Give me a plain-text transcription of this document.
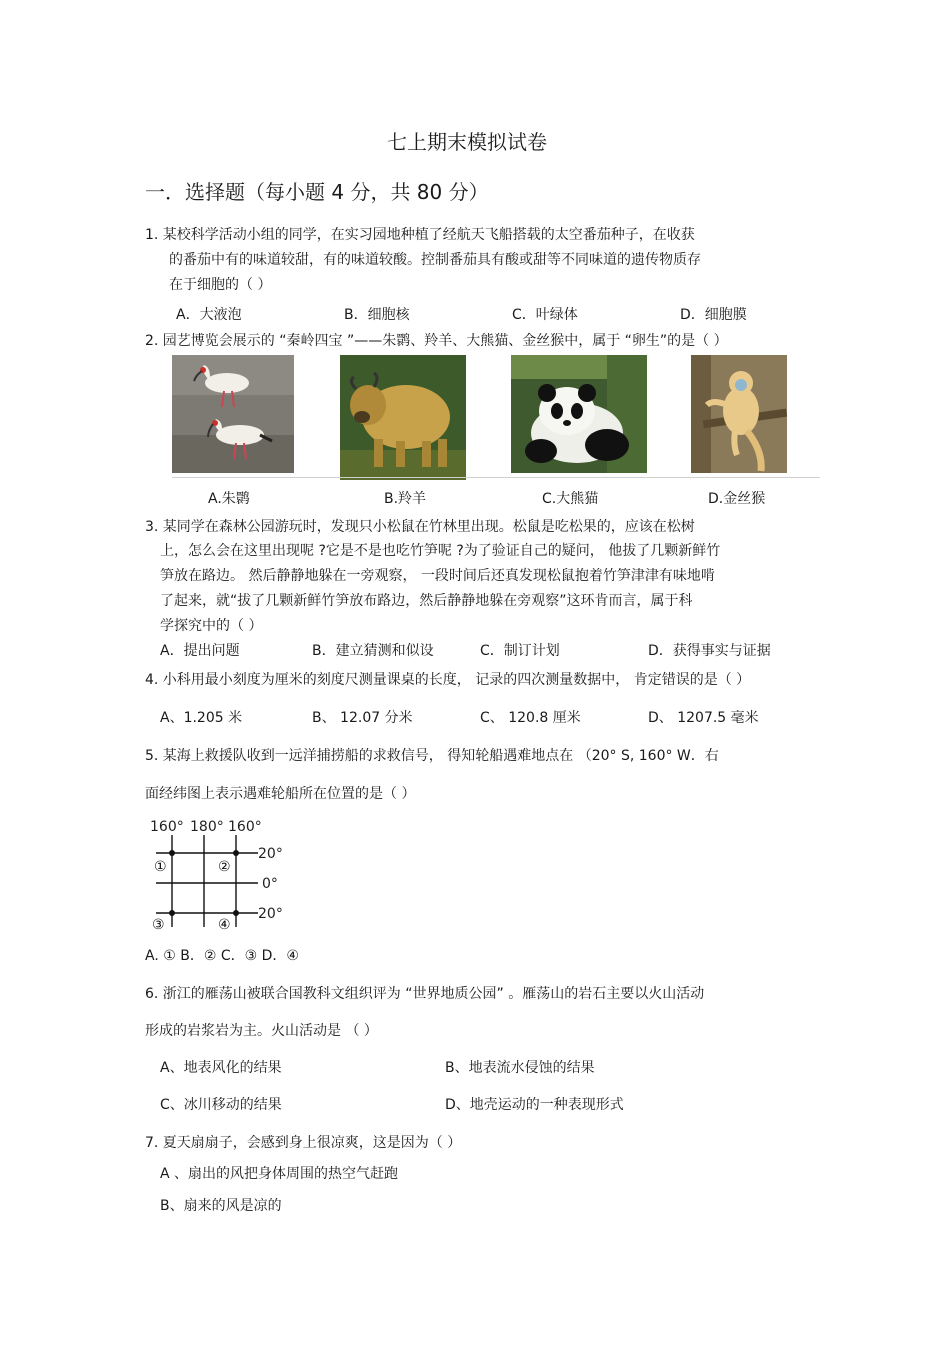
七上期末模拟试卷
一．选择题（每小题 4 分，共 80 分）
1. 某校科学活动小组的同学，在实习园地种植了经航天飞船搭载的太空番茄种子，在收获
的番茄中有的味道较甜，有的味道较酸。控制番茄具有酸或甜等不同味道的遗传物质存
在于细胞的（ ）
A．大液泡	B．细胞核	C．叶绿体	D．细胞膜
2. 园艺博览会展示的 “秦岭四宝 ”——朱鹮、羚羊、大熊猫、金丝猴中，属于 “卵生”的是（ ）
A.朱鹮	B.羚羊	C.大熊猫	D.金丝猴
3. 某同学在森林公园游玩时，发现只小松鼠在竹林里出现。松鼠是吃松果的，应该在松树
上，怎么会在这里出现呢 ?它是不是也吃竹笋呢 ?为了验证自己的疑问， 他拔了几颗新鲜竹
笋放在路边。 然后静静地躲在一旁观察， 一段时间后还真发现松鼠抱着竹笋津津有味地啃
了起来，就“拔了几颗新鲜竹笋放布路边，然后静静地躲在旁观察”这环肯而言，属于科
学探究中的（ ）
A．提出问题	B．建立猜测和似设	C．制订计划	D．获得事实与证据
4. 小科用最小刻度为厘米的刻度尺测量课桌的长度， 记录的四次测量数据中， 肯定错误的是（ ）
A、1.205 米	B、 12.07 分米	C、 120.8 厘米	D、 1207.5 毫米
5. 某海上救援队收到一远洋捕捞船的求救信号， 得知轮船遇难地点在 （20° S, 160° W．右
面经纬图上表示遇难轮船所在位置的是（ ）
160° 180° 160°
①	②
③	④
20°
0°
20°
A. ① B．② C．③ D．④
6. 浙江的雁荡山被联合国教科文组织评为 “世界地质公园” 。雁荡山的岩石主要以火山活动
形成的岩浆岩为主。火山活动是 （ ）
A、地表风化的结果	B、地表流水侵蚀的结果
C、冰川移动的结果	D、地壳运动的一种表现形式
7. 夏天扇扇子，会感到身上很凉爽，这是因为（ ）
A 、扇出的风把身体周围的热空气赶跑
B、扇来的风是凉的
